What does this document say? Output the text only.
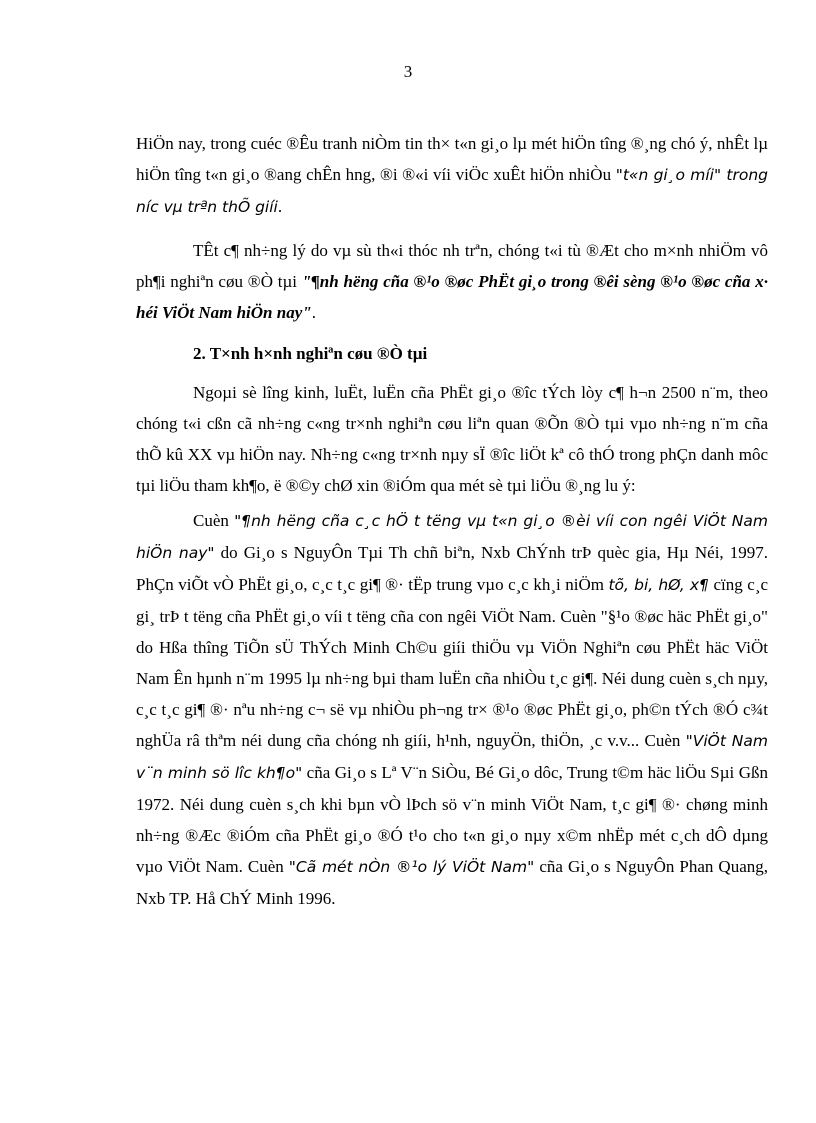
3

HiÖn nay, trong cuéc ®Êu tranh niÒm tin th× t«n gi¸o lµ mét hiÖn tîng ®¸ng chó ý, nhÊt lµ hiÖn tîng t«n gi¸o ®ang chÊn hng, ®i ®«i víi viÖc xuÊt hiÖn nhiÒu "t«n gi¸o míi" trong níc vµ trªn thÕ giíi.

TÊt c¶ nh÷ng lý do vµ sù th«i thóc nh trªn, chóng t«i tù ®Æt cho m×nh nhiÖm vô ph¶i nghiªn cøu ®Ò tµi "¶nh hëng cña ®¹o ®øc PhËt gi¸o trong ®êi sèng ®¹o ®øc cña x· héi ViÖt Nam hiÖn nay".

2. T×nh h×nh nghiªn cøu ®Ò tµi

Ngoµi sè lîng kinh, luËt, luËn cña PhËt gi¸o ®îc tÝch lòy c¶ h¬n 2500 n¨m, theo chóng t«i cßn cã nh÷ng c«ng tr×nh nghiªn cøu liªn quan ®Õn ®Ò tµi vµo nh÷ng n¨m cña thÕ kû XX vµ hiÖn nay. Nh÷ng c«ng tr×nh nµy sÏ ®îc liÖt kª cô thÓ trong phÇn danh môc tµi liÖu tham kh¶o, ë ®©y chØ xin ®iÓm qua mét sè tµi liÖu ®¸ng lu ý:

Cuèn "¶nh hëng cña c¸c hÖ t tëng vµ t«n gi¸o ®èi víi con ngêi ViÖt Nam hiÖn nay" do Gi¸o s NguyÔn Tµi Th chñ biªn, Nxb ChÝnh trÞ quèc gia, Hµ Néi, 1997. PhÇn viÕt vÒ PhËt gi¸o, c¸c t¸c gi¶ ®· tËp trung vµo c¸c kh¸i niÖm tõ, bi, hØ, x¶ cïng c¸c gi¸ trÞ t tëng cña PhËt gi¸o víi t tëng cña con ngêi ViÖt Nam. Cuèn "§¹o ®øc häc PhËt gi¸o" do Hßa thîng TiÕn sÜ ThÝch Minh Ch©u giíi thiÖu vµ ViÖn Nghiªn cøu PhËt häc ViÖt Nam Ên hµnh n¨m 1995 lµ nh÷ng bµi tham luËn cña nhiÒu t¸c gi¶. Néi dung cuèn s¸ch nµy, c¸c t¸c gi¶ ®· nªu nh÷ng c¬ së vµ nhiÒu ph¬ng tr× ®¹o ®øc PhËt gi¸o, ph©n tÝch ®Ó c¾t nghÜa râ thªm néi dung cña chóng nh giíi, h¹nh, nguyÖn, thiÖn, ¸c v.v... Cuèn "ViÖt Nam v¨n minh sö lîc kh¶o" cña Gi¸o s Lª V¨n SiÒu, Bé Gi¸o dôc, Trung t©m häc liÖu Sµi Gßn 1972. Néi dung cuèn s¸ch khi bµn vÒ lÞch sö v¨n minh ViÖt Nam, t¸c gi¶ ®· chøng minh nh÷ng ®Æc ®iÓm cña PhËt gi¸o ®Ó t¹o cho t«n gi¸o nµy x©m nhËp mét c¸ch dÔ dµng vµo ViÖt Nam. Cuèn "Cã mét nÒn ®¹o lý ViÖt Nam" cña Gi¸o s NguyÔn Phan Quang, Nxb TP. Hå ChÝ Minh 1996.
